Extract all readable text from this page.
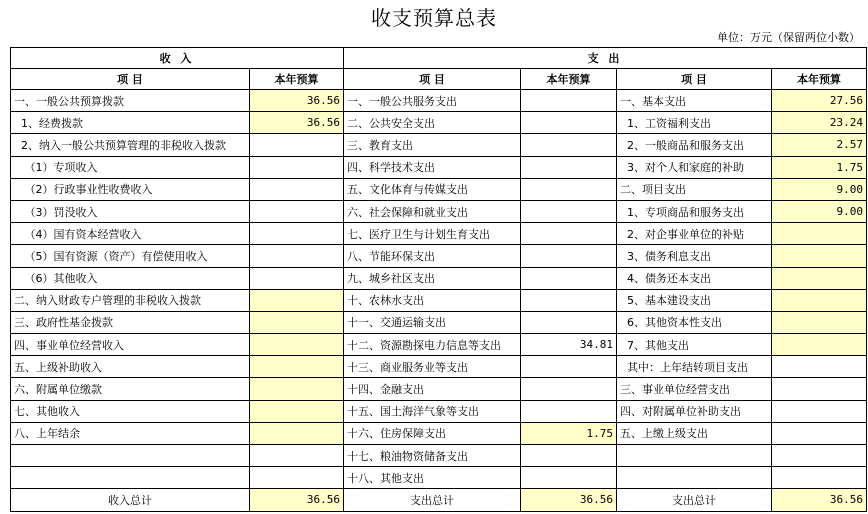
收支预算总表
单位：万元（保留两位小数）
收 入		支 出			
项 目	本年预算	项 目	本年预算	项 目	本年预算
一、一般公共预算拨款	36.56	一、一般公共服务支出		一、基本支出	27.56
1、经费拨款	36.56	二、公共安全支出		1、工资福利支出	23.24
2、纳入一般公共预算管理的非税收入拨款		三、教育支出		2、一般商品和服务支出	2.57
（1）专项收入		四、科学技术支出		3、对个人和家庭的补助	1.75
（2）行政事业性收费收入		五、文化体育与传媒支出		二、项目支出	9.00
（3）罚没收入		六、社会保障和就业支出		1、专项商品和服务支出	9.00
（4）国有资本经营收入		七、医疗卫生与计划生育支出		2、对企事业单位的补贴	
（5）国有资源（资产）有偿使用收入		八、节能环保支出		3、债务利息支出	
（6）其他收入		九、城乡社区支出		4、债务还本支出	
二、纳入财政专户管理的非税收入拨款		十、农林水支出		5、基本建设支出	
三、政府性基金拨款		十一、交通运输支出		6、其他资本性支出	
四、事业单位经营收入		十二、资源勘探电力信息等支出	34.81	7、其他支出	
五、上级补助收入		十三、商业服务业等支出		其中：上年结转项目支出	
六、附属单位缴款		十四、金融支出		三、事业单位经营支出	
七、其他收入		十五、国土海洋气象等支出		四、对附属单位补助支出	
八、上年结余		十六、住房保障支出	1.75	五、上缴上级支出	
		十七、粮油物资储备支出			
		十八、其他支出			
收入总计	36.56	支出总计	36.56	支出总计	36.56
